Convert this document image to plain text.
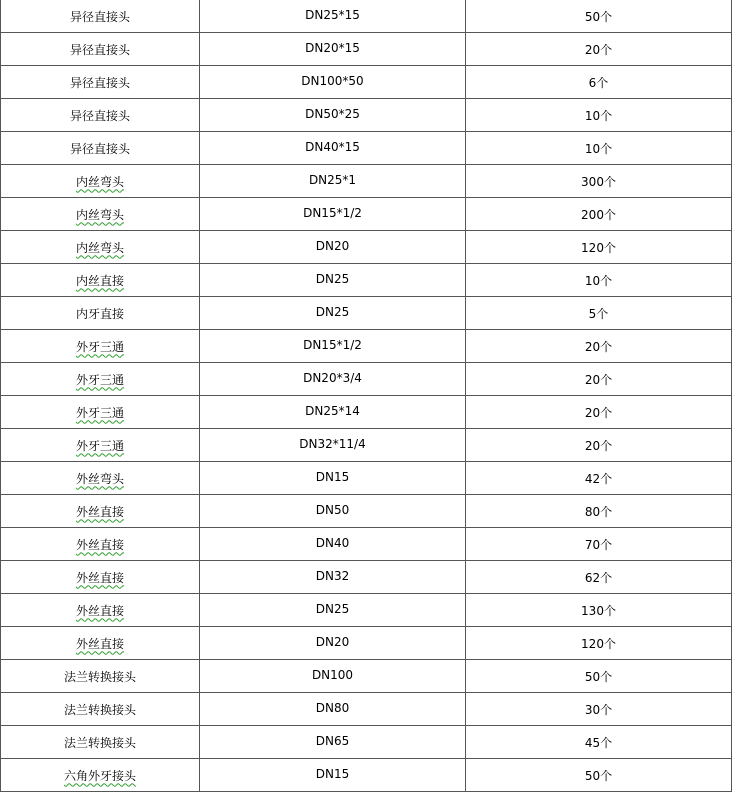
异径直接头	DN25*15	50个
异径直接头	DN20*15	20个
异径直接头	DN100*50	6个
异径直接头	DN50*25	10个
异径直接头	DN40*15	10个
内丝弯头	DN25*1	300个
内丝弯头	DN15*1/2	200个
内丝弯头	DN20	120个
内丝直接	DN25	10个
内牙直接	DN25	5个
外牙三通	DN15*1/2	20个
外牙三通	DN20*3/4	20个
外牙三通	DN25*14	20个
外牙三通	DN32*11/4	20个
外丝弯头	DN15	42个
外丝直接	DN50	80个
外丝直接	DN40	70个
外丝直接	DN32	62个
外丝直接	DN25	130个
外丝直接	DN20	120个
法兰转换接头	DN100	50个
法兰转换接头	DN80	30个
法兰转换接头	DN65	45个
六角外牙接头	DN15	50个
